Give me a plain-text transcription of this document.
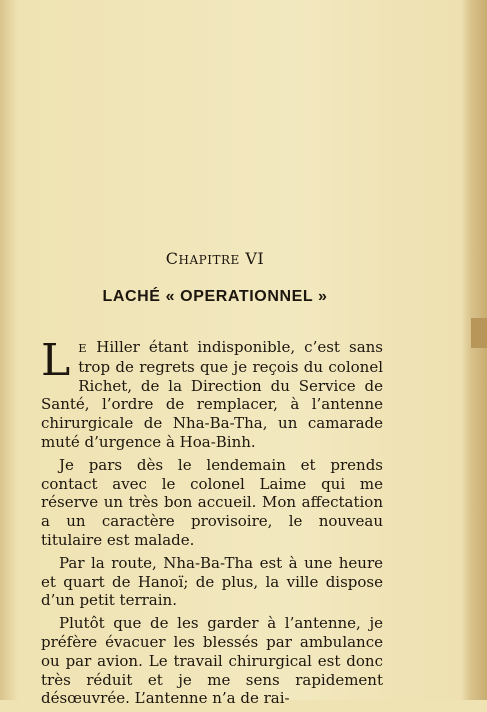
CHAPITRE VI
LACHÉ « OPERATIONNEL »

L E Hiller étant indisponible, c’est sans trop de regrets que je reçois du colonel Richet, de la Direction du Service de Santé, l’ordre de remplacer, à l’antenne chirurgicale de Nha-Ba-Tha, un camarade muté d’urgence à Hoa-Binh.

Je pars dès le lendemain et prends contact avec le colonel Laime qui me réserve un très bon accueil. Mon affectation a un caractère provisoire, le nouveau titulaire est malade.

Par la route, Nha-Ba-Tha est à une heure et quart de Hanoï; de plus, la ville dispose d’un petit terrain.

Plutôt que de les garder à l’antenne, je préfère évacuer les blessés par ambulance ou par avion. Le travail chirurgical est donc très réduit et je me sens rapidement désœuvrée. L’antenne n’a de rai-
